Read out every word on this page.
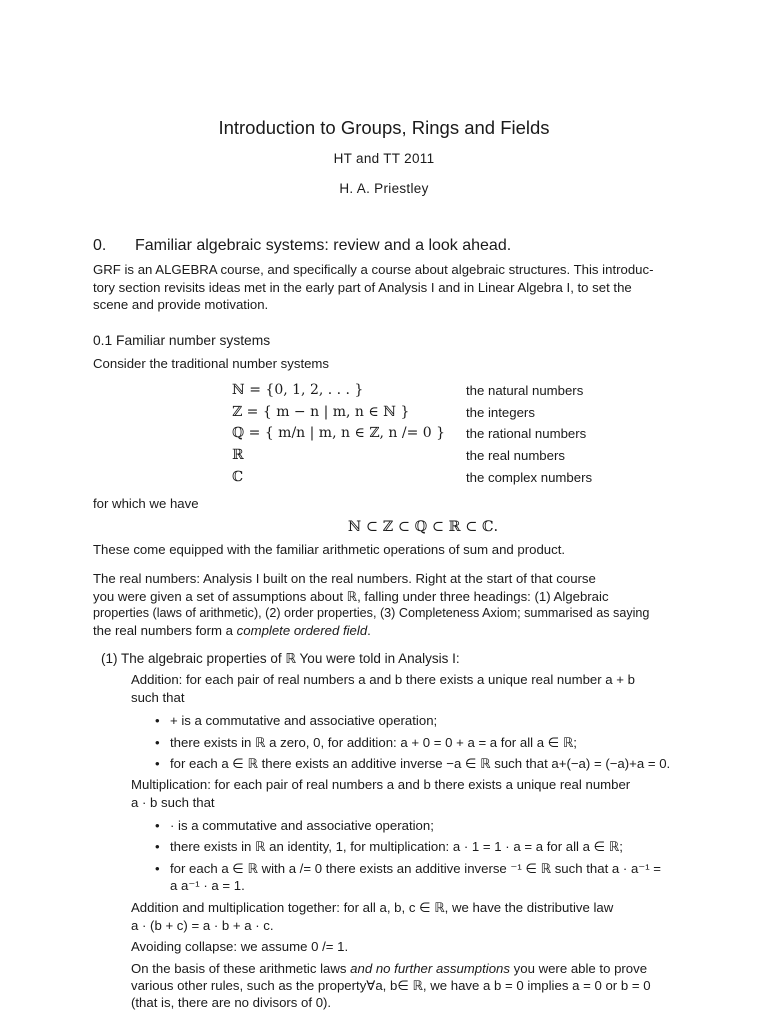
Introduction to Groups, Rings and Fields
HT and TT 2011
H. A. Priestley
0. Familiar algebraic systems: review and a look ahead.
GRF is an ALGEBRA course, and specifically a course about algebraic structures. This introduc-
tory section revisits ideas met in the early part of Analysis I and in Linear Algebra I, to set the
scene and provide motivation.
0.1 Familiar number systems
Consider the traditional number systems
ℕ = {0, 1, 2, . . . }	the natural numbers
ℤ = { m − n | m, n ∈ ℕ }	the integers
ℚ = { m/n | m, n ∈ ℤ, n /= 0 } the rational numbers
ℝ	the real numbers
ℂ	the complex numbers
for which we have
ℕ ⊂ ℤ ⊂ ℚ ⊂ ℝ ⊂ ℂ.
These come equipped with the familiar arithmetic operations of sum and product.
The real numbers: Analysis I built on the real numbers. Right at the start of that course
you were given a set of assumptions about ℝ, falling under three headings: (1) Algebraic
properties (laws of arithmetic), (2) order properties, (3) Completeness Axiom; summarised as saying
the real numbers form a complete ordered field.
(1) The algebraic properties of ℝ You were told in Analysis I:
Addition: for each pair of real numbers a and b there exists a unique real number a + b
such that
• + is a commutative and associative operation;
• there exists in ℝ a zero, 0, for addition: a + 0 = 0 + a = a for all a ∈ ℝ;
• for each a ∈ ℝ there exists an additive inverse −a ∈ ℝ such that a+(−a) = (−a)+a = 0.
Multiplication: for each pair of real numbers a and b there exists a unique real number
a · b such that
• · is a commutative and associative operation;
• there exists in ℝ an identity, 1, for multiplication: a · 1 = 1 · a = a for all a ∈ ℝ;
• for each a ∈ ℝ with a /= 0 there exists an additive inverse ⁻¹ ∈ ℝ such that a · a⁻¹ =
a a⁻¹ · a = 1.
Addition and multiplication together: for all a, b, c ∈ ℝ, we have the distributive law
a · (b + c) = a · b + a · c.
Avoiding collapse: we assume 0 /= 1.
On the basis of these arithmetic laws and no further assumptions you were able to prove
various other rules, such as the property∀a, b∈ ℝ, we have a b = 0 implies a = 0 or b = 0
(that is, there are no divisors of 0).
